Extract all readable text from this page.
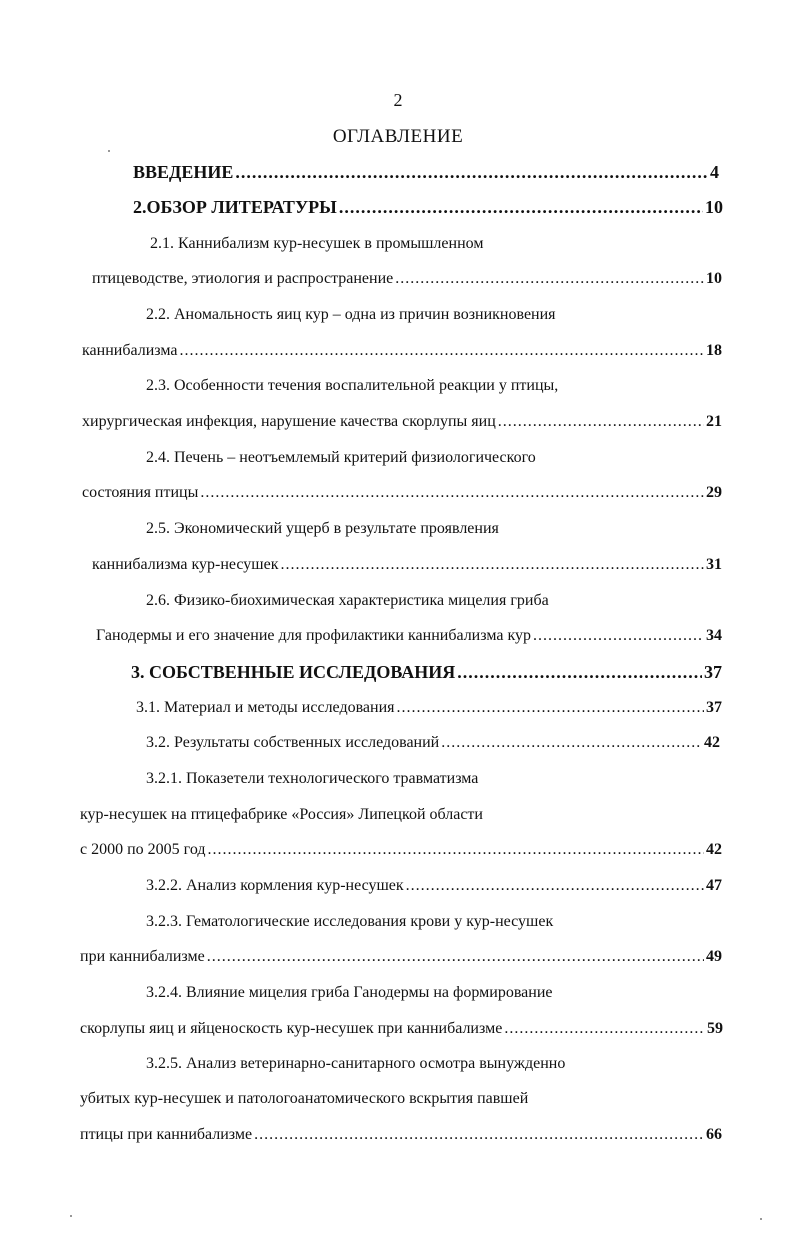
2
ОГЛАВЛЕНИЕ
ВВЕДЕНИЕ .....	4
2.ОБЗОР ЛИТЕРАТУРЫ .....	10
2.1. Каннибализм кур-несушек в промышленном
птицеводстве, этиология и распространение .....	10
2.2. Аномальность яиц кур – одна из причин возникновения
каннибализма .....	18
2.3. Особенности течения воспалительной реакции у птицы,
хирургическая инфекция, нарушение качества скорлупы яиц .....	21
2.4. Печень – неотъемлемый критерий физиологического
состояния птицы .....	29
2.5. Экономический ущерб в результате проявления
каннибализма кур-несушек .....	31
2.6. Физико-биохимическая характеристика мицелия гриба
Ганодермы и его значение для профилактики каннибализма кур .....	34
3. СОБСТВЕННЫЕ ИССЛЕДОВАНИЯ .....	37
3.1. Материал и методы исследования .....	37
3.2. Результаты собственных исследований .....	42
3.2.1. Показетели технологического травматизма
кур-несушек на птицефабрике «Россия» Липецкой области
с 2000 по 2005 год .....	42
3.2.2. Анализ кормления кур-несушек .....	47
3.2.3. Гематологические исследования крови у кур-несушек
при каннибализме .....	49
3.2.4. Влияние мицелия гриба Ганодермы на формирование
скорлупы яиц и яйценоскость кур-несушек при каннибализме .....	59
3.2.5. Анализ ветеринарно-санитарного осмотра вынужденно
убитых кур-несушек и патологоанатомического вскрытия павшей
птицы при каннибализме .....	66
